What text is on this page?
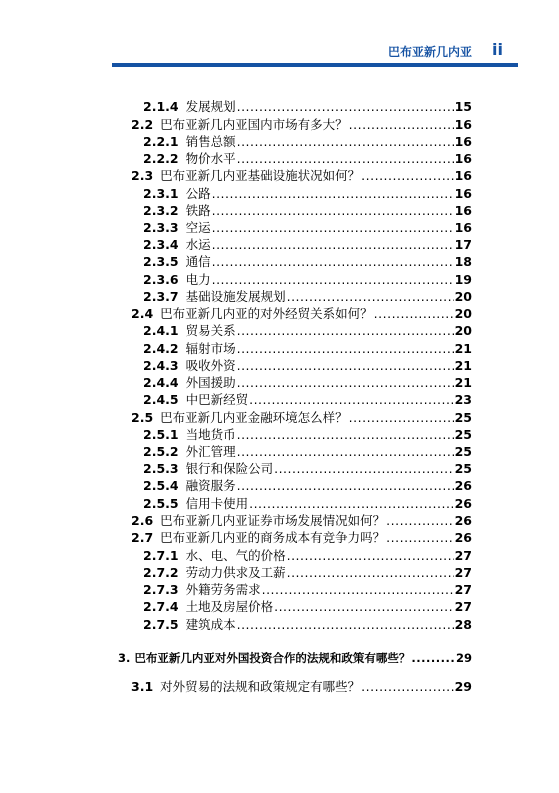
巴布亚新几内亚 ii
2.1.4 发展规划 .....	15
2.2 巴布亚新几内亚国内市场有多大？ .....	16
2.2.1 销售总额 .....	16
2.2.2 物价水平 .....	16
2.3 巴布亚新几内亚基础设施状况如何？ .....	16
2.3.1 公路 .....	16
2.3.2 铁路 .....	16
2.3.3 空运 .....	16
2.3.4 水运 .....	17
2.3.5 通信 .....	18
2.3.6 电力 .....	19
2.3.7 基础设施发展规划 .....	20
2.4 巴布亚新几内亚的对外经贸关系如何？ .....	20
2.4.1 贸易关系 .....	20
2.4.2 辐射市场 .....	21
2.4.3 吸收外资 .....	21
2.4.4 外国援助 .....	21
2.4.5 中巴新经贸 .....	23
2.5 巴布亚新几内亚金融环境怎么样？ .....	25
2.5.1 当地货币 .....	25
2.5.2 外汇管理 .....	25
2.5.3 银行和保险公司 .....	25
2.5.4 融资服务 .....	26
2.5.5 信用卡使用 .....	26
2.6 巴布亚新几内亚证券市场发展情况如何？ .....	26
2.7 巴布亚新几内亚的商务成本有竞争力吗？ .....	26
2.7.1 水、电、气的价格 .....	27
2.7.2 劳动力供求及工薪 .....	27
2.7.3 外籍劳务需求 .....	27
2.7.4 土地及房屋价格 .....	27
2.7.5 建筑成本 .....	28
3. 巴布亚新几内亚对外国投资合作的法规和政策有哪些？ .....	29
3.1 对外贸易的法规和政策规定有哪些？ .....	29
